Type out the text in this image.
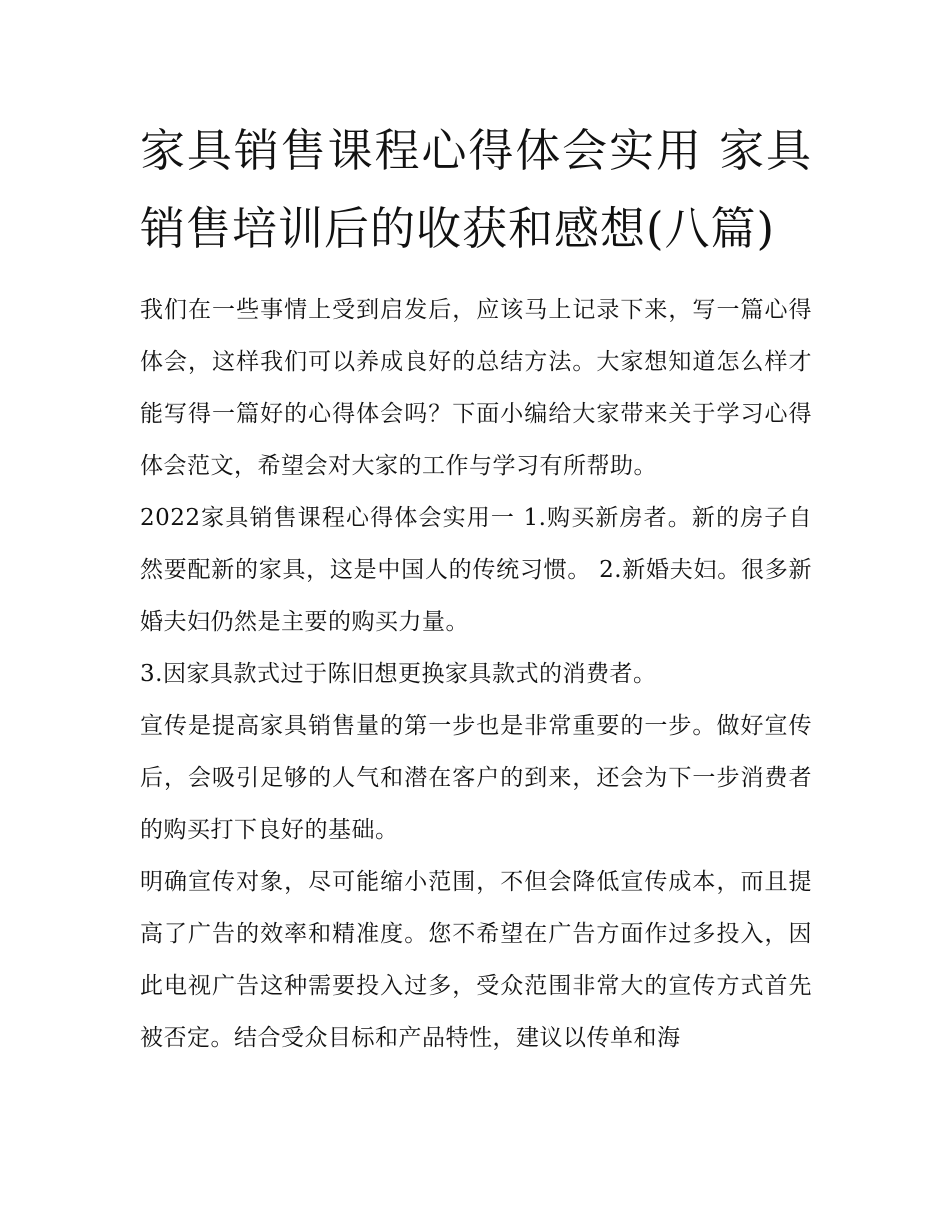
家具销售课程心得体会实用 家具销售培训后的收获和感想(八篇)

我们在一些事情上受到启发后，应该马上记录下来，写一篇心得体会，这样我们可以养成良好的总结方法。大家想知道怎么样才能写得一篇好的心得体会吗？下面小编给大家带来关于学习心得体会范文，希望会对大家的工作与学习有所帮助。

2022家具销售课程心得体会实用一 1.购买新房者。新的房子自然要配新的家具，这是中国人的传统习惯。 2.新婚夫妇。很多新婚夫妇仍然是主要的购买力量。

3.因家具款式过于陈旧想更换家具款式的消费者。

宣传是提高家具销售量的第一步也是非常重要的一步。做好宣传后，会吸引足够的人气和潜在客户的到来，还会为下一步消费者的购买打下良好的基础。

明确宣传对象，尽可能缩小范围，不但会降低宣传成本，而且提高了广告的效率和精准度。您不希望在广告方面作过多投入，因此电视广告这种需要投入过多，受众范围非常大的宣传方式首先被否定。结合受众目标和产品特性，建议以传单和海
